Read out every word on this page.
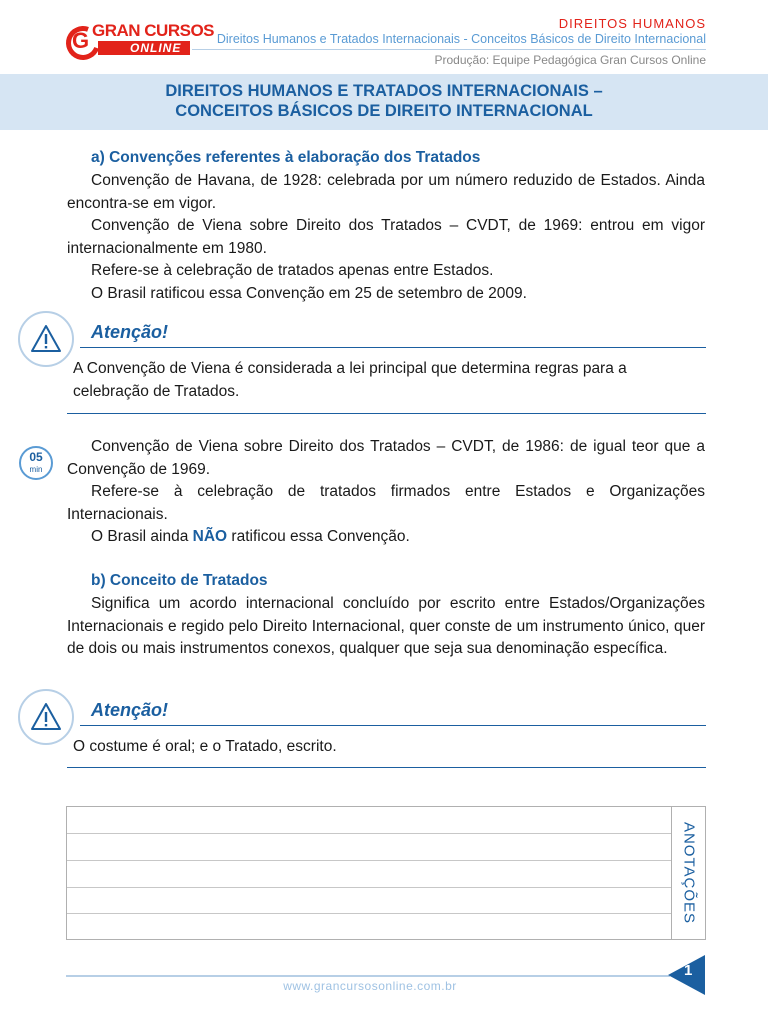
G GRAN CURSOS
ONLINE
DIREITOS HUMANOS
Direitos Humanos e Tratados Internacionais - Conceitos Básicos de Direito Internacional
Produção: Equipe Pedagógica Gran Cursos Online
DIREITOS HUMANOS E TRATADOS INTERNACIONAIS –
CONCEITOS BÁSICOS DE DIREITO INTERNACIONAL
a) Convenções referentes à elaboração dos Tratados

Convenção de Havana, de 1928: celebrada por um número reduzido de Estados. Ainda encontra-se em vigor.

Convenção de Viena sobre Direito dos Tratados – CVDT, de 1969: entrou em vigor internacionalmente em 1980.

Refere-se à celebração de tratados apenas entre Estados.

O Brasil ratificou essa Convenção em 25 de setembro de 2009.

Atenção!
A Convenção de Viena é considerada a lei principal que determina regras para a celebração de Tratados.
05
min

Convenção de Viena sobre Direito dos Tratados – CVDT, de 1986: de igual teor que a Convenção de 1969.

Refere-se à celebração de tratados firmados entre Estados e Organizações Internacionais.

O Brasil ainda NÃO ratificou essa Convenção.

b) Conceito de Tratados

Significa um acordo internacional concluído por escrito entre Estados/Organizações Internacionais e regido pelo Direito Internacional, quer conste de um instrumento único, quer de dois ou mais instrumentos conexos, qualquer que seja sua denominação específica.

Atenção!
O costume é oral; e o Tratado, escrito.
ANOTAÇÕES
www.grancursosonline.com.br
1
